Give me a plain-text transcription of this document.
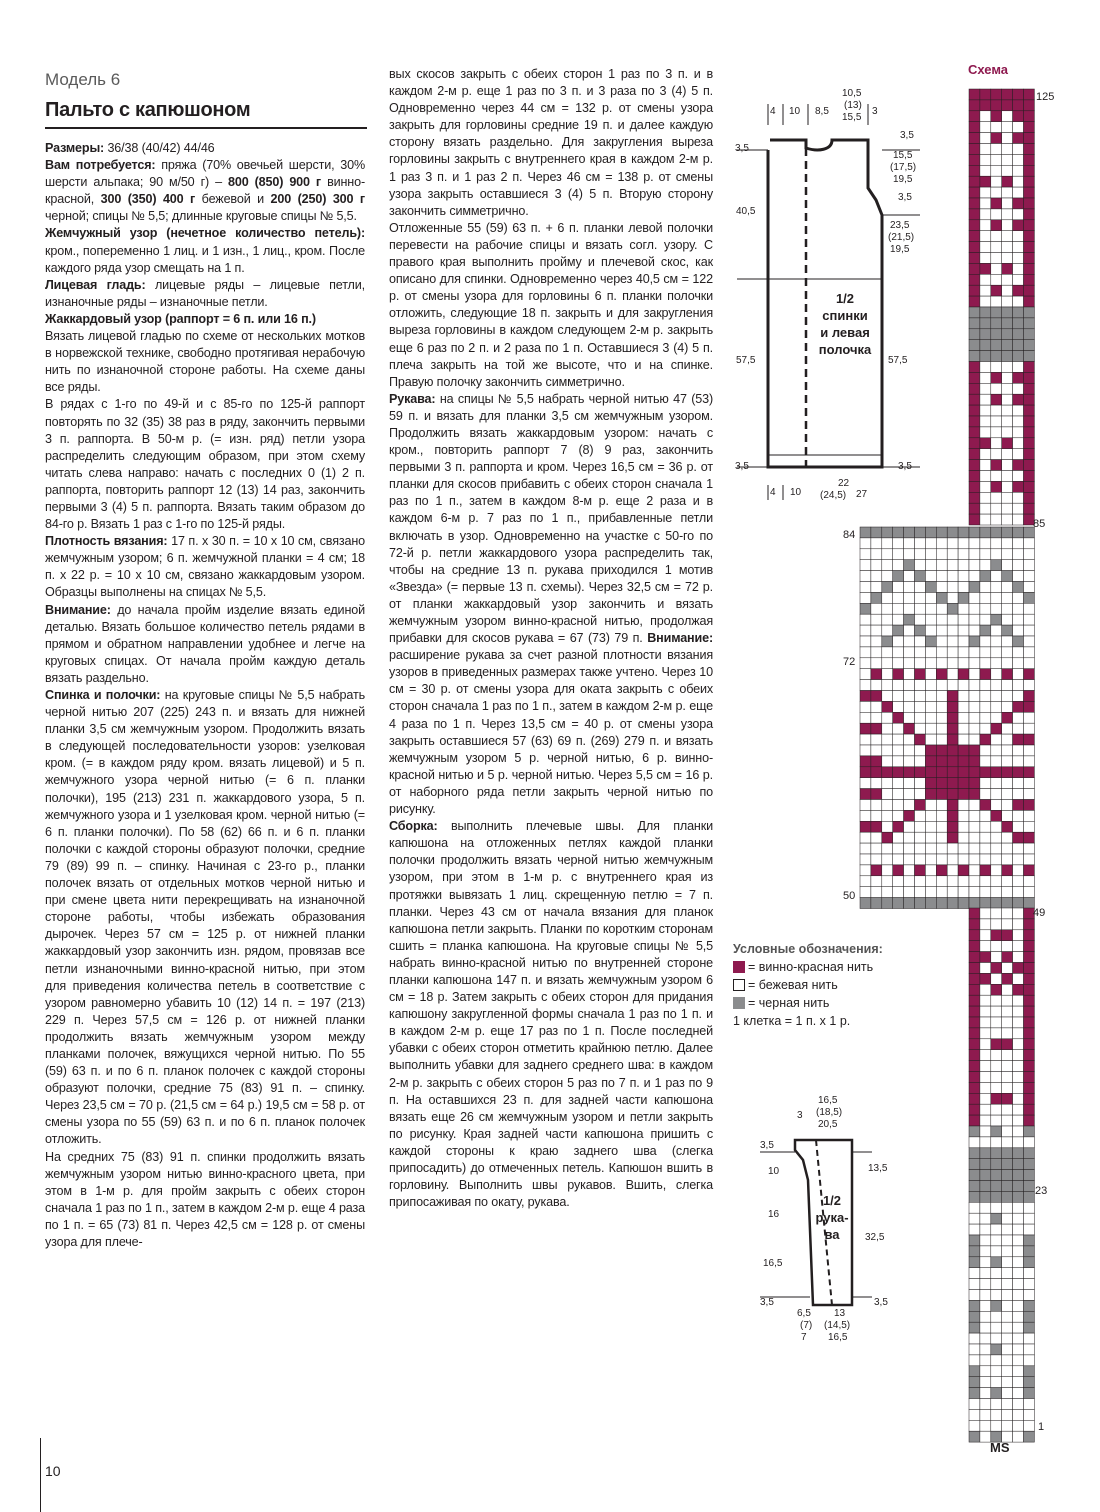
Модель 6
Пальто с капюшоном

Размеры: 36/38 (40/42) 44/46

Вам потребуется: пряжа (70% овечьей шерсти, 30% шерсти альпака; 90 м/50 г) – 800 (850) 900 г винно-красной, 300 (350) 400 г бежевой и 200 (250) 300 г черной; спицы № 5,5; длинные круговые спицы № 5,5.

Жемчужный узор (нечетное количество петель): кром., попеременно 1 лиц. и 1 изн., 1 лиц., кром. После каждого ряда узор смещать на 1 п.

Лицевая гладь: лицевые ряды – лицевые петли, изнаночные ряды – изнаночные петли.

Жаккардовый узор (раппорт = 6 п. или 16 п.)

Вязать лицевой гладью по схеме от нескольких мотков в норвежской технике, свободно протягивая нерабочую нить по изнаночной стороне работы. На схеме даны все ряды.

В рядах с 1-го по 49-й и с 85-го по 125-й раппорт повторять по 32 (35) 38 раз в ряду, закончить первыми 3 п. раппорта. В 50-м р. (= изн. ряд) петли узора распределить следующим образом, при этом схему читать слева направо: начать с последних 0 (1) 2 п. раппорта, повторить раппорт 12 (13) 14 раз, закончить первыми 3 (4) 5 п. раппорта. Вязать таким образом до 84-го р. Вязать 1 раз с 1-го по 125-й ряды.

Плотность вязания: 17 п. х 30 п. = 10 х 10 см, связано жемчужным узором; 6 п. жемчужной планки = 4 см; 18 п. х 22 р. = 10 х 10 см, связано жаккардовым узором. Образцы выполнены на спицах № 5,5.

Внимание: до начала пройм изделие вязать единой деталью. Вязать большое количество петель рядами в прямом и обратном направлении удобнее и легче на круговых спицах. От начала пройм каждую деталь вязать раздельно.

Спинка и полочки: на круговые спицы № 5,5 набрать черной нитью 207 (225) 243 п. и вязать для нижней планки 3,5 см жемчужным узором. Продолжить вязать в следующей последовательности узоров: узелковая кром. (= в каждом ряду кром. вязать лицевой) и 5 п. жемчужного узора черной нитью (= 6 п. планки полочки), 195 (213) 231 п. жаккардового узора, 5 п. жемчужного узора и 1 узелковая кром. черной нитью (= 6 п. планки полочки). По 58 (62) 66 п. и 6 п. планки полочки с каждой стороны образуют полочки, средние 79 (89) 99 п. – спинку. Начиная с 23-го р., планки полочек вязать от отдельных мотков черной нитью и при смене цвета нити перекрещивать на изнаночной стороне работы, чтобы избежать образования дырочек. Через 57 см = 125 р. от нижней планки жаккардовый узор закончить изн. рядом, провязав все петли изнаночными винно-красной нитью, при этом для приведения количества петель в соответствие с узором равномерно убавить 10 (12) 14 п. = 197 (213) 229 п. Через 57,5 см = 126 р. от нижней планки продолжить вязать жемчужным узором между планками полочек, вяжущихся черной нитью. По 55 (59) 63 п. и по 6 п. планок полочек с каждой стороны образуют полочки, средние 75 (83) 91 п. – спинку. Через 23,5 см = 70 р. (21,5 см = 64 р.) 19,5 см = 58 р. от смены узора по 55 (59) 63 п. и по 6 п. планок полочек отложить.

На средних 75 (83) 91 п. спинки продолжить вязать жемчужным узором нитью винно-красного цвета, при этом в 1-м р. для пройм закрыть с обеих сторон сначала 1 раз по 1 п., затем в каждом 2-м р. еще 4 раза по 1 п. = 65 (73) 81 п. Через 42,5 см = 128 р. от смены узора для плече-

вых скосов закрыть с обеих сторон 1 раз по 3 п. и в каждом 2-м р. еще 1 раз по 3 п. и 3 раза по 3 (4) 5 п. Одновременно через 44 см = 132 р. от смены узора закрыть для горловины средние 19 п. и далее каждую сторону вязать раздельно. Для закругления выреза горловины закрыть с внутреннего края в каждом 2-м р. 1 раз 3 п. и 1 раз 2 п. Через 46 см = 138 р. от смены узора закрыть оставшиеся 3 (4) 5 п. Вторую сторону закончить симметрично.

Отложенные 55 (59) 63 п. + 6 п. планки левой полочки перевести на рабочие спицы и вязать согл. узору. С правого края выполнить пройму и плечевой скос, как описано для спинки. Одновременно через 40,5 см = 122 р. от смены узора для горловины 6 п. планки полочки отложить, следующие 18 п. закрыть и для закругления выреза горловины в каждом следующем 2-м р. закрыть еще 6 раз по 2 п. и 2 раза по 1 п. Оставшиеся 3 (4) 5 п. плеча закрыть на той же высоте, что и на спинке. Правую полочку закончить симметрично.

Рукава: на спицы № 5,5 набрать черной нитью 47 (53) 59 п. и вязать для планки 3,5 см жемчужным узором. Продолжить вязать жаккардовым узором: начать с кром., повторить раппорт 7 (8) 9 раз, закончить первыми 3 п. раппорта и кром. Через 16,5 см = 36 р. от планки для скосов прибавить с обеих сторон сначала 1 раз по 1 п., затем в каждом 8-м р. еще 2 раза и в каждом 6-м р. 7 раз по 1 п., прибавленные петли включать в узор. Одновременно на участке с 50-го по 72-й р. петли жаккардового узора распределить так, чтобы на средние 13 п. рукава приходился 1 мотив «Звезда» (= первые 13 п. схемы). Через 32,5 см = 72 р. от планки жаккардовый узор закончить и вязать жемчужным узором винно-красной нитью, продолжая прибавки для скосов рукава = 67 (73) 79 п. Внимание: расширение рукава за счет разной плотности вязания узоров в приведенных размерах также учтено. Через 10 см = 30 р. от смены узора для оката закрыть с обеих сторон сначала 1 раз по 1 п., затем в каждом 2-м р. еще 4 раза по 1 п. Через 13,5 см = 40 р. от смены узора закрыть оставшиеся 57 (63) 69 п. (269) 279 п. и вязать жемчужным узором 5 р. черной нитью, 6 р. винно-красной нитью и 5 р. черной нитью. Через 5,5 см = 16 р. от наборного ряда петли закрыть черной нитью по рисунку.

Сборка: выполнить плечевые швы. Для планки капюшона на отложенных петлях каждой планки полочки продолжить вязать черной нитью жемчужным узором, при этом в 1-м р. с внутреннего края из протяжки вывязать 1 лиц. скрещенную петлю = 7 п. планки. Через 43 см от начала вязания для планок капюшона петли закрыть. Планки по коротким сторонам сшить = планка капюшона. На круговые спицы № 5,5 набрать винно-красной нитью по внутренней стороне планки капюшона 147 п. и вязать жемчужным узором 6 см = 18 р. Затем закрыть с обеих сторон для придания капюшону закругленной формы сначала 1 раз по 1 п. и в каждом 2-м р. еще 17 раз по 1 п. После последней убавки с обеих сторон отметить крайнюю петлю. Далее выполнить убавки для заднего среднего шва: в каждом 2-м р. закрыть с обеих сторон 5 раз по 7 п. и 1 раз по 9 п. На оставшихся 23 п. для задней части капюшона вязать еще 26 см жемчужным узором и петли закрыть по рисунку. Края задней части капюшона пришить с каждой стороны к краю заднего шва (слегка припосадить) до отмеченных петель. Капюшон вшить в горловину. Выполнить швы рукавов. Вшить, слегка припосаживая по окату, рукава.

10
4 10 8,5	3
10,5
(13)
15,5
3,5
3,5
40,5
57,5	57,5
15,5
(17,5)
19,5
3,5
23,5
(21,5)
19,5
3,5	3,5
1/2
спинки
и левая
полочка
4 10
22
(24,5) 27
Условные обозначения:
= винно-красная нить
= бежевая нить
= черная нить
1 клетка = 1 п. х 1 р.
16,5
(18,5)
20,5
3
3,5
10
16
16,5
3,5
13,5
32,5
3,5
1/2
рука-
ва
6,5
(7)
7
13
(14,5)
16,5
Схема
125
85
84
72
50
49
23
1
MS
